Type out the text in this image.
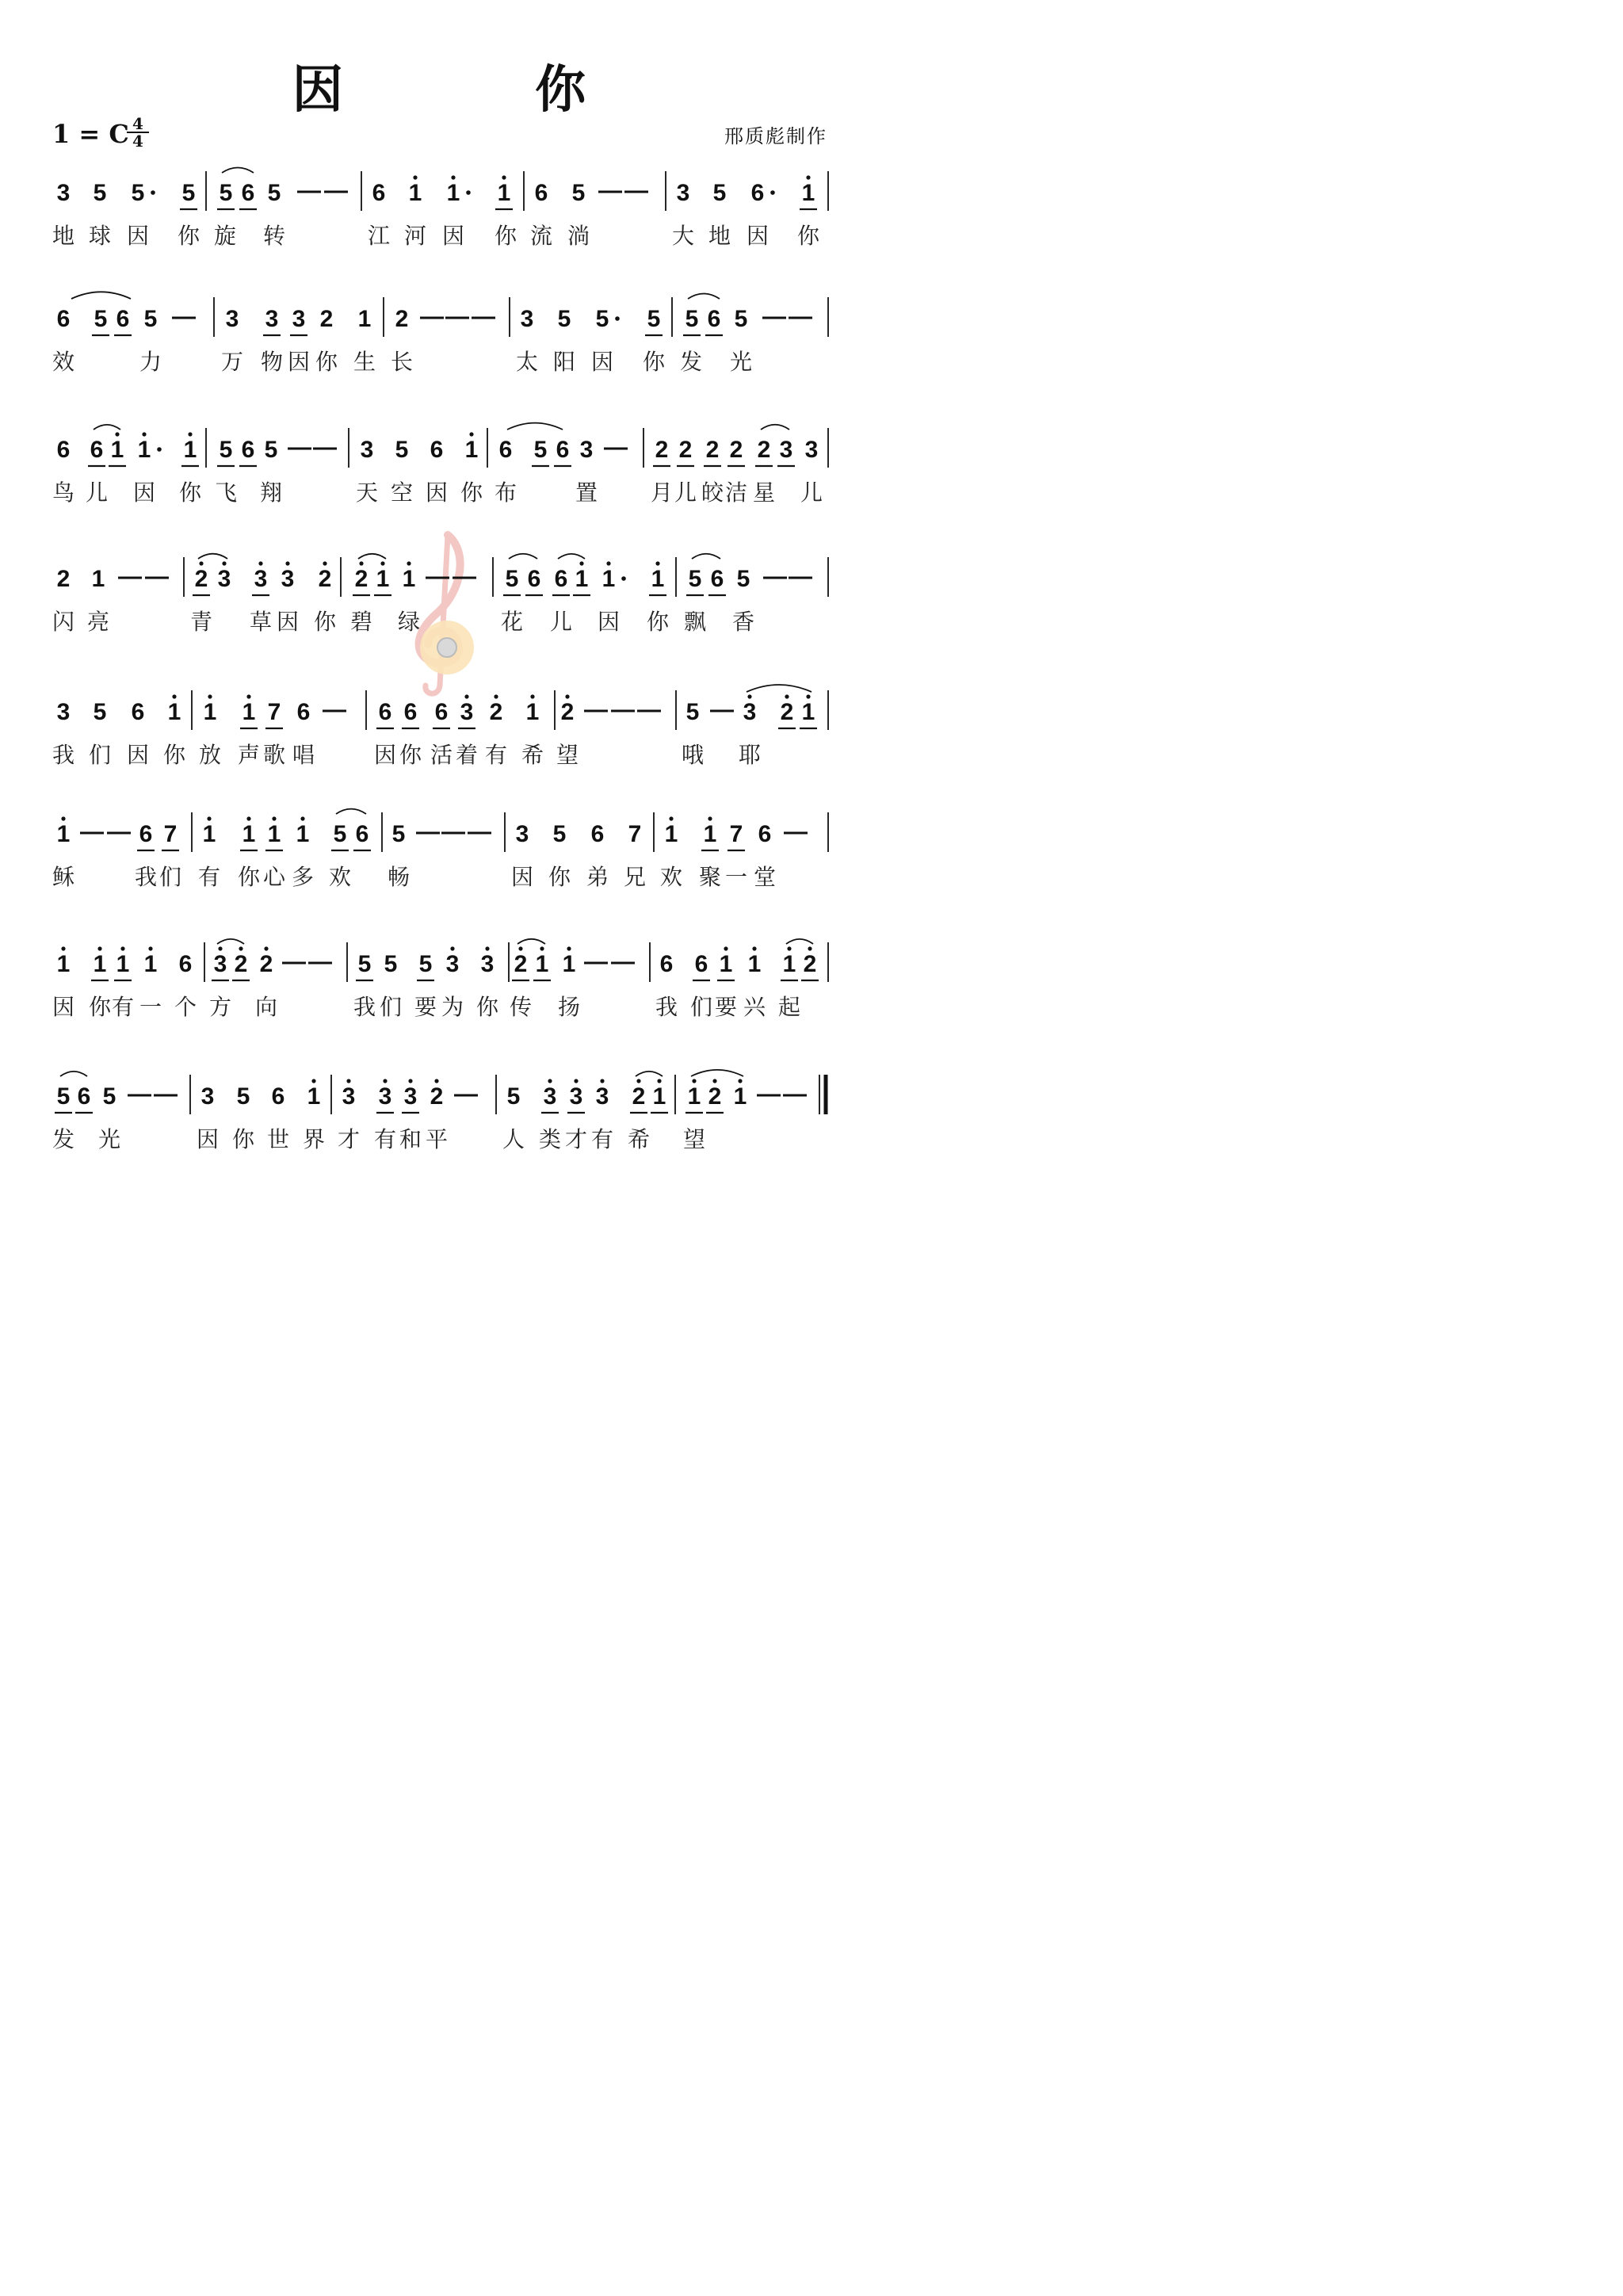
因 你
1 = C
$\frac{4}{4}$	邢质彪制作
3 5 5 5 5 6 5 — — 6 1 1 1 6 5 — — 3 5 6 1
地 球 因 你 旋 转	江 河 因 你 流 淌	大 地 因 你
6 5 6 5 — 3 3 3 2 1 2 — — — 3 5 5 5 5 6 5 — —
效	力	万 物 因 你 生 长	太 阳 因 你 发 光
6 6 1 1 1 5 6 5 — — 3 5 6 1 6 5 6 3 — 2 2 2 2 2 3 3
鸟 儿 因 你 飞 翔	天 空 因 你 布	置 月 儿 皎 洁 星 儿
2 1 — — 2 3 3 3 2 2 1 1 — — 5 6 6 1 1 1 5 6 5 — —
闪 亮	青 草 因 你 碧 绿	花 儿 因 你 飘 香
3 5 6 1 1 1 7 6 — 6 6 6 3 2 1 2 — — — 5 — 3 2 1
我 们 因 你 放 声 歌 唱	因 你 活 着 有 希 望	哦 耶
1 — — 6 7 1 1 1 1 5 6 5 — — — 3 5 6 7 1 1 7 6 —
稣	我 们 有 你 心 多 欢 畅	因 你 弟 兄 欢 聚 一 堂
1 1 1 1 6 3 2 2 — — 5 5 5 3 3 2 1 1 — — 6 6 1 1 1 2
因 你 有 一 个 方 向	我 们 要 为 你 传 扬	我 们 要 兴 起
5 6 5 — — 3 5 6 1 3 3 3 2 — 5 3 3 3 2 1 1 2 1 — —
发 光	因 你 世 界 才 有 和 平 人 类 才 有 希 望
